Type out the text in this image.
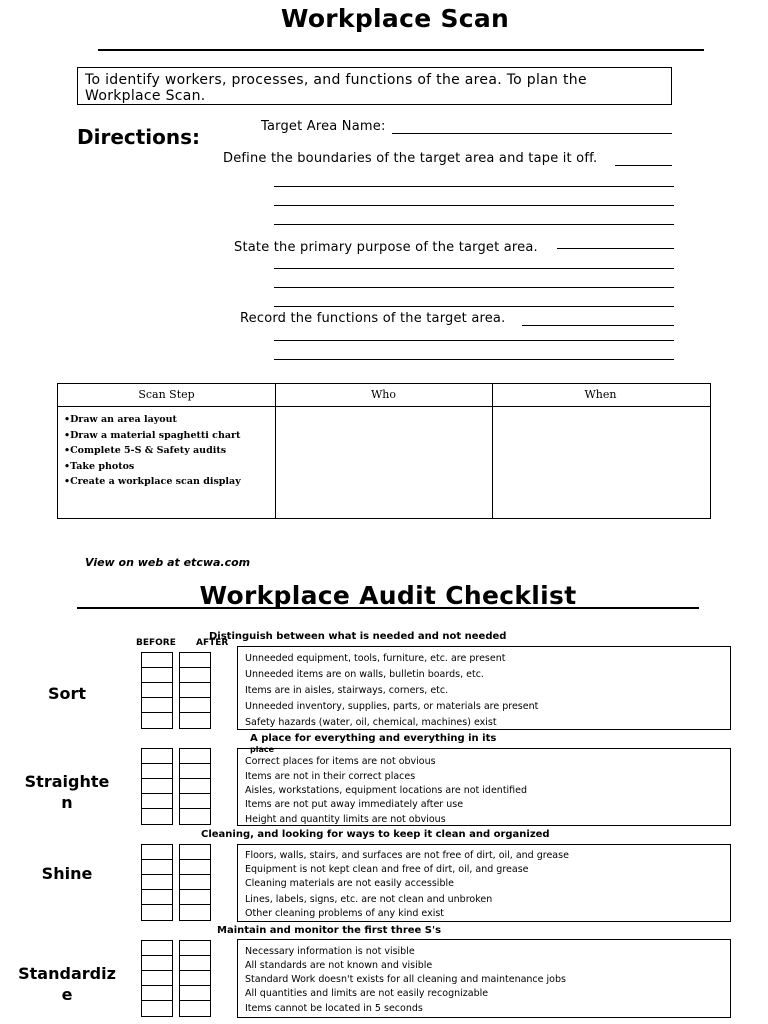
Workplace Scan
To identify workers, processes, and functions of the area. To plan the
Workplace Scan.
Directions:	Target Area Name:
Define the boundaries of the target area and tape it off.
State the primary purpose of the target area.
Record the functions of the target area.
Scan Step	Who	When
•Draw an area layout
•Draw a material spaghetti chart
•Complete 5-S & Safety audits
•Take photos
•Create a workplace scan display
View on web at etcwa.com
Workplace Audit Checklist
BEFORE AFTER
Distinguish between what is needed and not needed
Sort
Unneeded equipment, tools, furniture, etc. are present
Unneeded items are on walls, bulletin boards, etc.
Items are in aisles, stairways, corners, etc.
Unneeded inventory, supplies, parts, or materials are present
Safety hazards (water, oil, chemical, machines) exist
A place for everything and everything in its
place
Straighte
n
Correct places for items are not obvious
Items are not in their correct places
Aisles, workstations, equipment locations are not identified
Items are not put away immediately after use
Height and quantity limits are not obvious
Cleaning, and looking for ways to keep it clean and organized
Shine
Floors, walls, stairs, and surfaces are not free of dirt, oil, and grease
Equipment is not kept clean and free of dirt, oil, and grease
Cleaning materials are not easily accessible
Lines, labels, signs, etc. are not clean and unbroken
Other cleaning problems of any kind exist
Maintain and monitor the first three S's
Standardiz
e
Necessary information is not visible
All standards are not known and visible
Standard Work doesn't exists for all cleaning and maintenance jobs
All quantities and limits are not easily recognizable
Items cannot be located in 5 seconds
